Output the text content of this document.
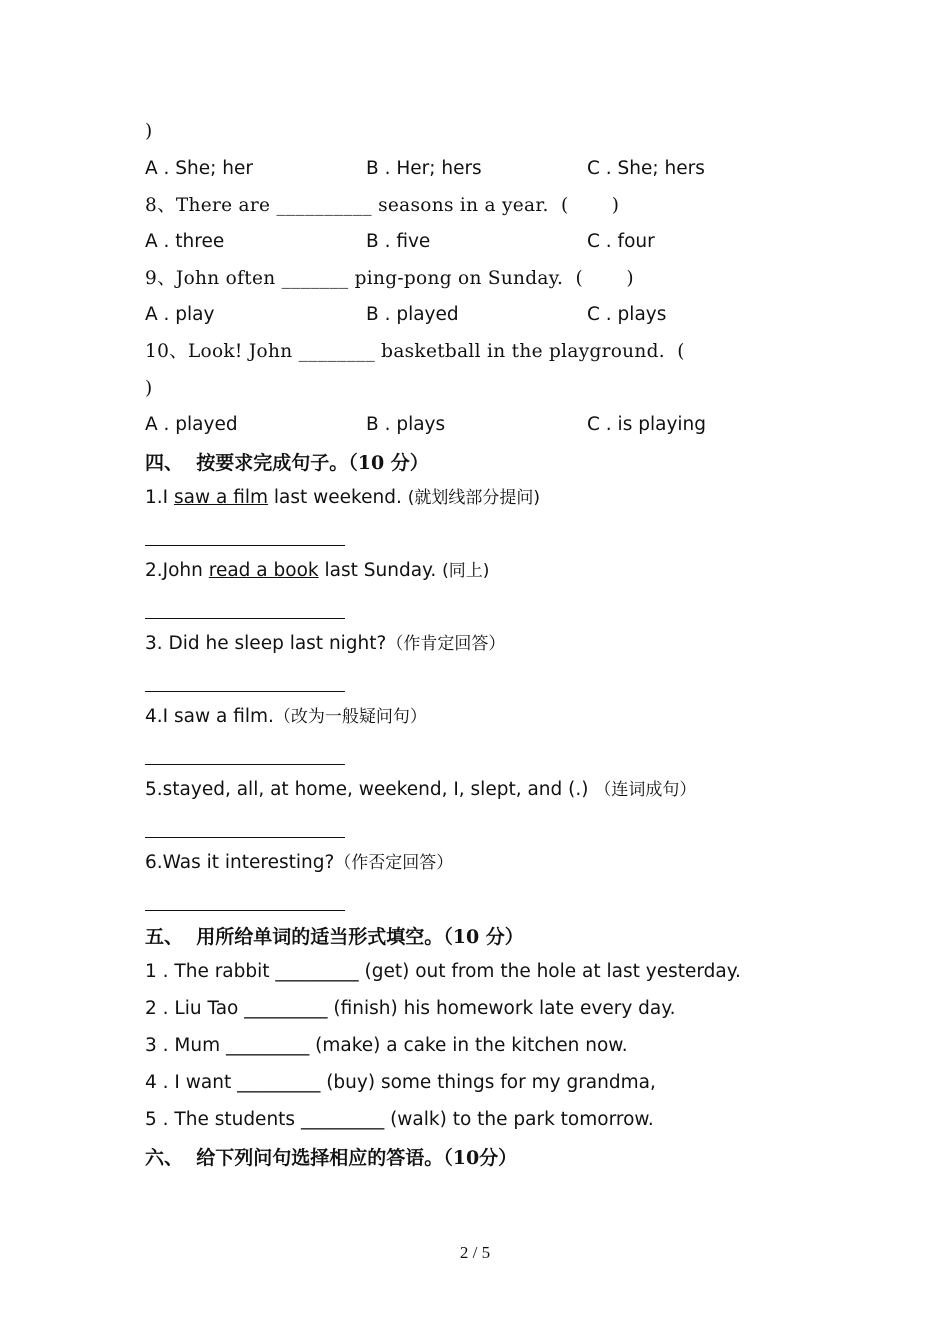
)
A . She; her	B . Her; hers	C . She; hers
8、There are __________ seasons in a year.  (       )
A . three	B . five	C . four
9、John often _______ ping-pong on Sunday.  (       )
A . play	B . played	C . plays
10、Look! John ________ basketball in the playground.  (
)
A . played	B . plays	C . is playing
四、  按要求完成句子。（10 分）
1.I saw a film last weekend. (就划线部分提问)
2.John read a book last Sunday. (同上)
3. Did he sleep last night?（作肯定回答）
4.I saw a film.（改为一般疑问句）
5.stayed, all, at home, weekend, I, slept, and (.) （连词成句）
6.Was it interesting?（作否定回答）
五、  用所给单词的适当形式填空。（10 分）
1 . The rabbit _________ (get) out from the hole at last yesterday.
2 . Liu Tao _________ (finish) his homework late every day.
3 . Mum _________ (make) a cake in the kitchen now.
4 . I want _________ (buy) some things for my grandma,
5 . The students _________ (walk) to the park tomorrow.
六、  给下列问句选择相应的答语。（10分）
2 / 5
